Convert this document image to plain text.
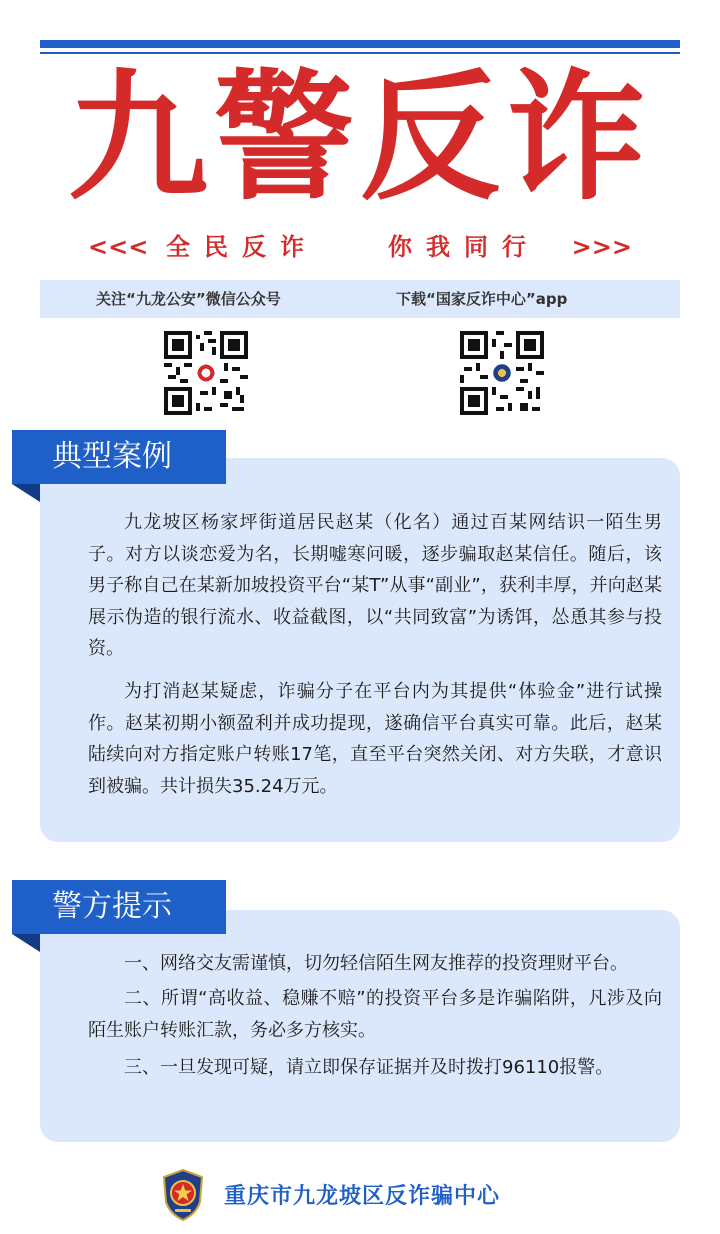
九警反诈
<<< 全民反诈	你我同行 >>>
关注“九龙公安”微信公众号	下载“国家反诈中心”app
典型案例

九龙坡区杨家坪街道居民赵某（化名）通过百某网结识一陌生男子。对方以谈恋爱为名，长期嘘寒问暖，逐步骗取赵某信任。随后，该男子称自己在某新加坡投资平台“某T”从事“副业”，获利丰厚，并向赵某展示伪造的银行流水、收益截图，以“共同致富”为诱饵，怂恿其参与投资。

为打消赵某疑虑，诈骗分子在平台内为其提供“体验金”进行试操作。赵某初期小额盈利并成功提现，遂确信平台真实可靠。此后，赵某陆续向对方指定账户转账17笔，直至平台突然关闭、对方失联，才意识到被骗。共计损失35.24万元。

警方提示

一、网络交友需谨慎，切勿轻信陌生网友推荐的投资理财平台。

二、所谓“高收益、稳赚不赔”的投资平台多是诈骗陷阱，凡涉及向陌生账户转账汇款，务必多方核实。

三、一旦发现可疑，请立即保存证据并及时拨打96110报警。

重庆市九龙坡区反诈骗中心
